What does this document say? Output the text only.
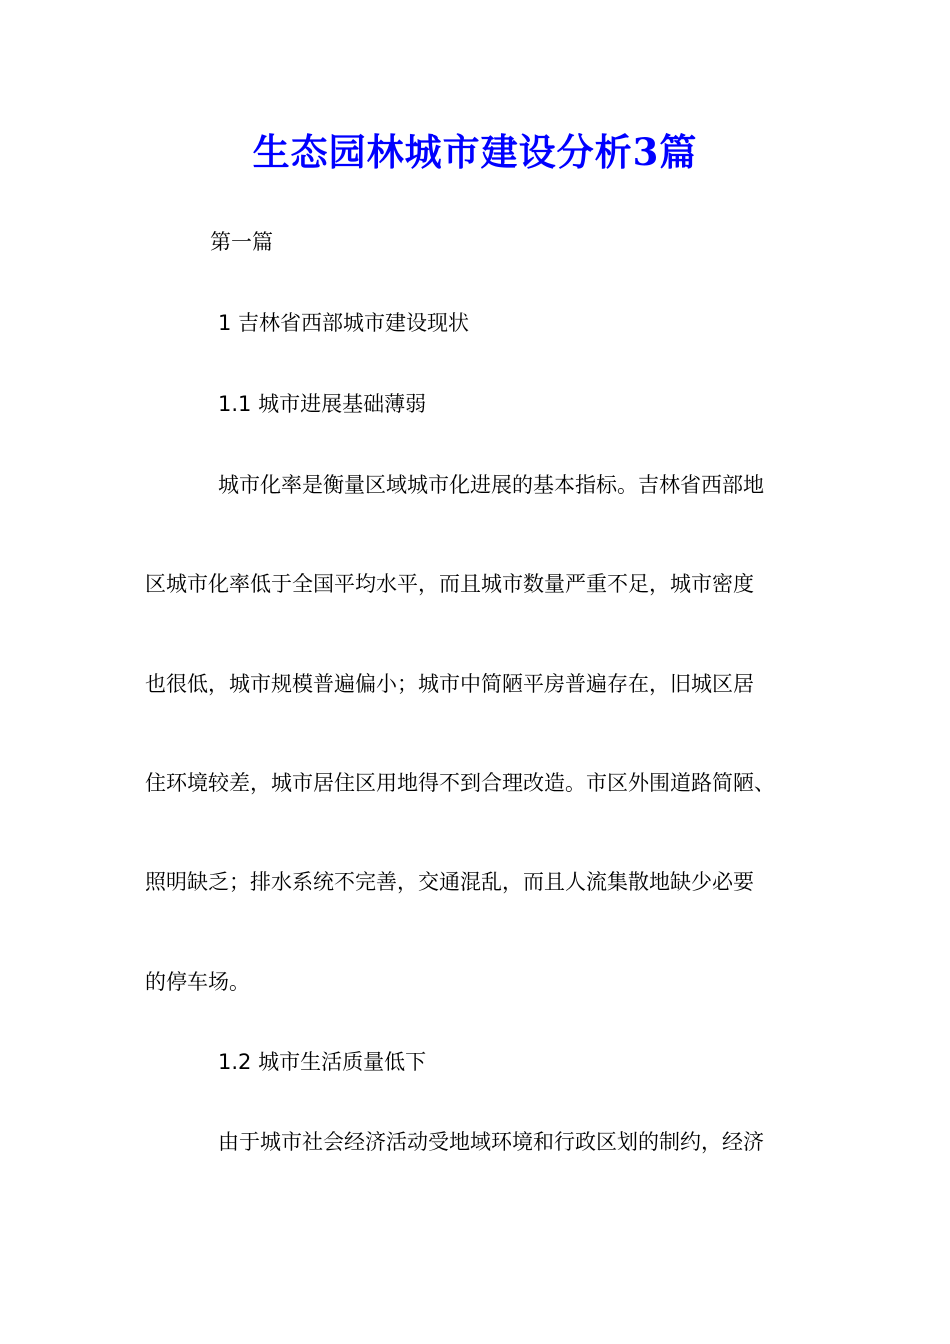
生态园林城市建设分析3篇
第一篇
1 吉林省西部城市建设现状
1.1 城市进展基础薄弱
城市化率是衡量区域城市化进展的基本指标。吉林省西部地
区城市化率低于全国平均水平，而且城市数量严重不足，城市密度
也很低，城市规模普遍偏小；城市中简陋平房普遍存在，旧城区居
住环境较差，城市居住区用地得不到合理改造。市区外围道路简陋、
照明缺乏；排水系统不完善，交通混乱，而且人流集散地缺少必要
的停车场。
1.2 城市生活质量低下
由于城市社会经济活动受地域环境和行政区划的制约，经济
